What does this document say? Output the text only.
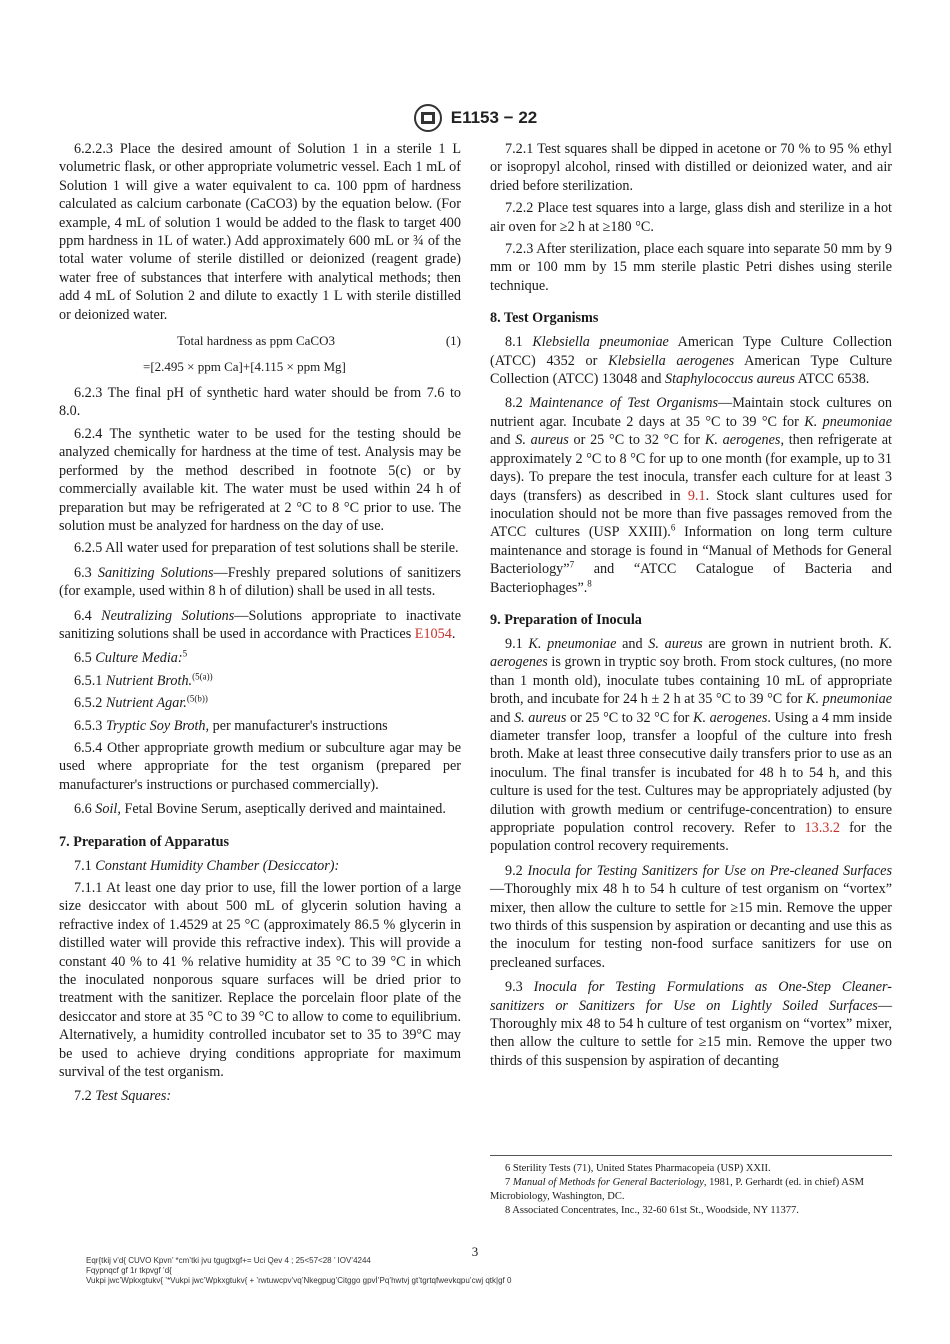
E1153 − 22

6.2.2.3 Place the desired amount of Solution 1 in a sterile 1 L volumetric flask, or other appropriate volumetric vessel. Each 1 mL of Solution 1 will give a water equivalent to ca. 100 ppm of hardness calculated as calcium carbonate (CaCO3) by the equation below. (For example, 4 mL of solution 1 would be added to the flask to target 400 ppm hardness in 1L of water.) Add approximately 600 mL or ¾ of the total water volume of sterile distilled or deionized (reagent grade) water free of substances that interfere with analytical methods; then add 4 mL of Solution 2 and dilute to exactly 1 L with sterile distilled or deionized water.

Total hardness as ppm CaCO3	(1)
=[2.495 × ppm Ca]+[4.115 × ppm Mg]

6.2.3 The final pH of synthetic hard water should be from 7.6 to 8.0.

6.2.4 The synthetic water to be used for the testing should be analyzed chemically for hardness at the time of test. Analysis may be performed by the method described in footnote 5(c) or by commercially available kit. The water must be used within 24 h of preparation but may be refrigerated at 2 °C to 8 °C prior to use. The solution must be analyzed for hardness on the day of use.

6.2.5 All water used for preparation of test solutions shall be sterile.

6.3 Sanitizing Solutions—Freshly prepared solutions of sanitizers (for example, used within 8 h of dilution) shall be used in all tests.

6.4 Neutralizing Solutions—Solutions appropriate to inactivate sanitizing solutions shall be used in accordance with Practices E1054.

6.5 Culture Media:$^5$

6.5.1 Nutrient Broth.$^{(5(a))}$

6.5.2 Nutrient Agar.$^{(5(b))}$

6.5.3 Tryptic Soy Broth, per manufacturer's instructions

6.5.4 Other appropriate growth medium or subculture agar may be used where appropriate for the test organism (prepared per manufacturer's instructions or purchased commercially).

6.6 Soil, Fetal Bovine Serum, aseptically derived and maintained.

7. Preparation of Apparatus

7.1 Constant Humidity Chamber (Desiccator):

7.1.1 At least one day prior to use, fill the lower portion of a large size desiccator with about 500 mL of glycerin solution having a refractive index of 1.4529 at 25 °C (approximately 86.5 % glycerin in distilled water will provide this refractive index). This will provide a constant 40 % to 41 % relative humidity at 35 °C to 39 °C in which the inoculated nonporous square surfaces will be dried prior to treatment with the sanitizer. Replace the porcelain floor plate of the desiccator and store at 35 °C to 39 °C to allow to come to equilibrium. Alternatively, a humidity controlled incubator set to 35 to 39°C may be used to achieve drying conditions appropriate for maximum survival of the test organism.

7.2 Test Squares:

7.2.1 Test squares shall be dipped in acetone or 70 % to 95 % ethyl or isopropyl alcohol, rinsed with distilled or deionized water, and air dried before sterilization.

7.2.2 Place test squares into a large, glass dish and sterilize in a hot air oven for ≥2 h at ≥180 °C.

7.2.3 After sterilization, place each square into separate 50 mm by 9 mm or 100 mm by 15 mm sterile plastic Petri dishes using sterile technique.

8. Test Organisms

8.1 Klebsiella pneumoniae American Type Culture Collection (ATCC) 4352 or Klebsiella aerogenes American Type Culture Collection (ATCC) 13048 and Staphylococcus aureus ATCC 6538.

8.2 Maintenance of Test Organisms—Maintain stock cultures on nutrient agar. Incubate 2 days at 35 °C to 39 °C for K. pneumoniae and S. aureus or 25 °C to 32 °C for K. aerogenes, then refrigerate at approximately 2 °C to 8 °C for up to one month (for example, up to 31 days). To prepare the test inocula, transfer each culture for at least 3 days (transfers) as described in 9.1. Stock slant cultures used for inoculation should not be more than five passages removed from the ATCC cultures (USP XXIII).$^6$ Information on long term culture maintenance and storage is found in “Manual of Methods for General Bacteriology”$^7$ and “ATCC Catalogue of Bacteria and Bacteriophages”.$^8$

9. Preparation of Inocula

9.1 K. pneumoniae and S. aureus are grown in nutrient broth. K. aerogenes is grown in tryptic soy broth. From stock cultures, (no more than 1 month old), inoculate tubes containing 10 mL of appropriate broth, and incubate for 24 h ± 2 h at 35 °C to 39 °C for K. pneumoniae and S. aureus or 25 °C to 32 °C for K. aerogenes. Using a 4 mm inside diameter transfer loop, transfer a loopful of the culture into fresh broth. Make at least three consecutive daily transfers prior to use as an inoculum. The final transfer is incubated for 48 h to 54 h, and this culture is used for the test. Cultures may be appropriately adjusted (by dilution with growth medium or centrifuge-concentration) to ensure appropriate population control recovery. Refer to 13.3.2 for the population control recovery requirements.

9.2 Inocula for Testing Sanitizers for Use on Pre-cleaned Surfaces—Thoroughly mix 48 h to 54 h culture of test organism on “vortex” mixer, then allow the culture to settle for ≥15 min. Remove the upper two thirds of this suspension by aspiration or decanting and use this as the inoculum for testing non-food surface sanitizers for use on precleaned surfaces.

9.3 Inocula for Testing Formulations as One-Step Cleaner-sanitizers or Sanitizers for Use on Lightly Soiled Surfaces—Thoroughly mix 48 to 54 h culture of test organism on “vortex” mixer, then allow the culture to settle for ≥15 min. Remove the upper two thirds of this suspension by aspiration of decanting

6 Sterility Tests (71), United States Pharmacopeia (USP) XXII.

7 Manual of Methods for General Bacteriology, 1981, P. Gerhardt (ed. in chief) ASM Microbiology, Washington, DC.

8 Associated Concentrates, Inc., 32-60 61st St., Woodside, NY 11377.

3
Eqr{tkij v’d{ CUVO Kpvn’ *cm’tki jvu tgugtxgf+= Uci Qev 4 ; 25<57<28 ’ IOV’4244
Fqypnqcf gf 1r tkpvgf ’d{
Vukpi jwc’Wpkxgtukv{ ’*Vukpi jwc’Wpkxgtukv{ + ’rwtuwcpv’vq’Nkegpug’Citggo gpvİ’Pq’hwtvj gt’tgrtqfwevkqpu’cwj qtk|gf 0
